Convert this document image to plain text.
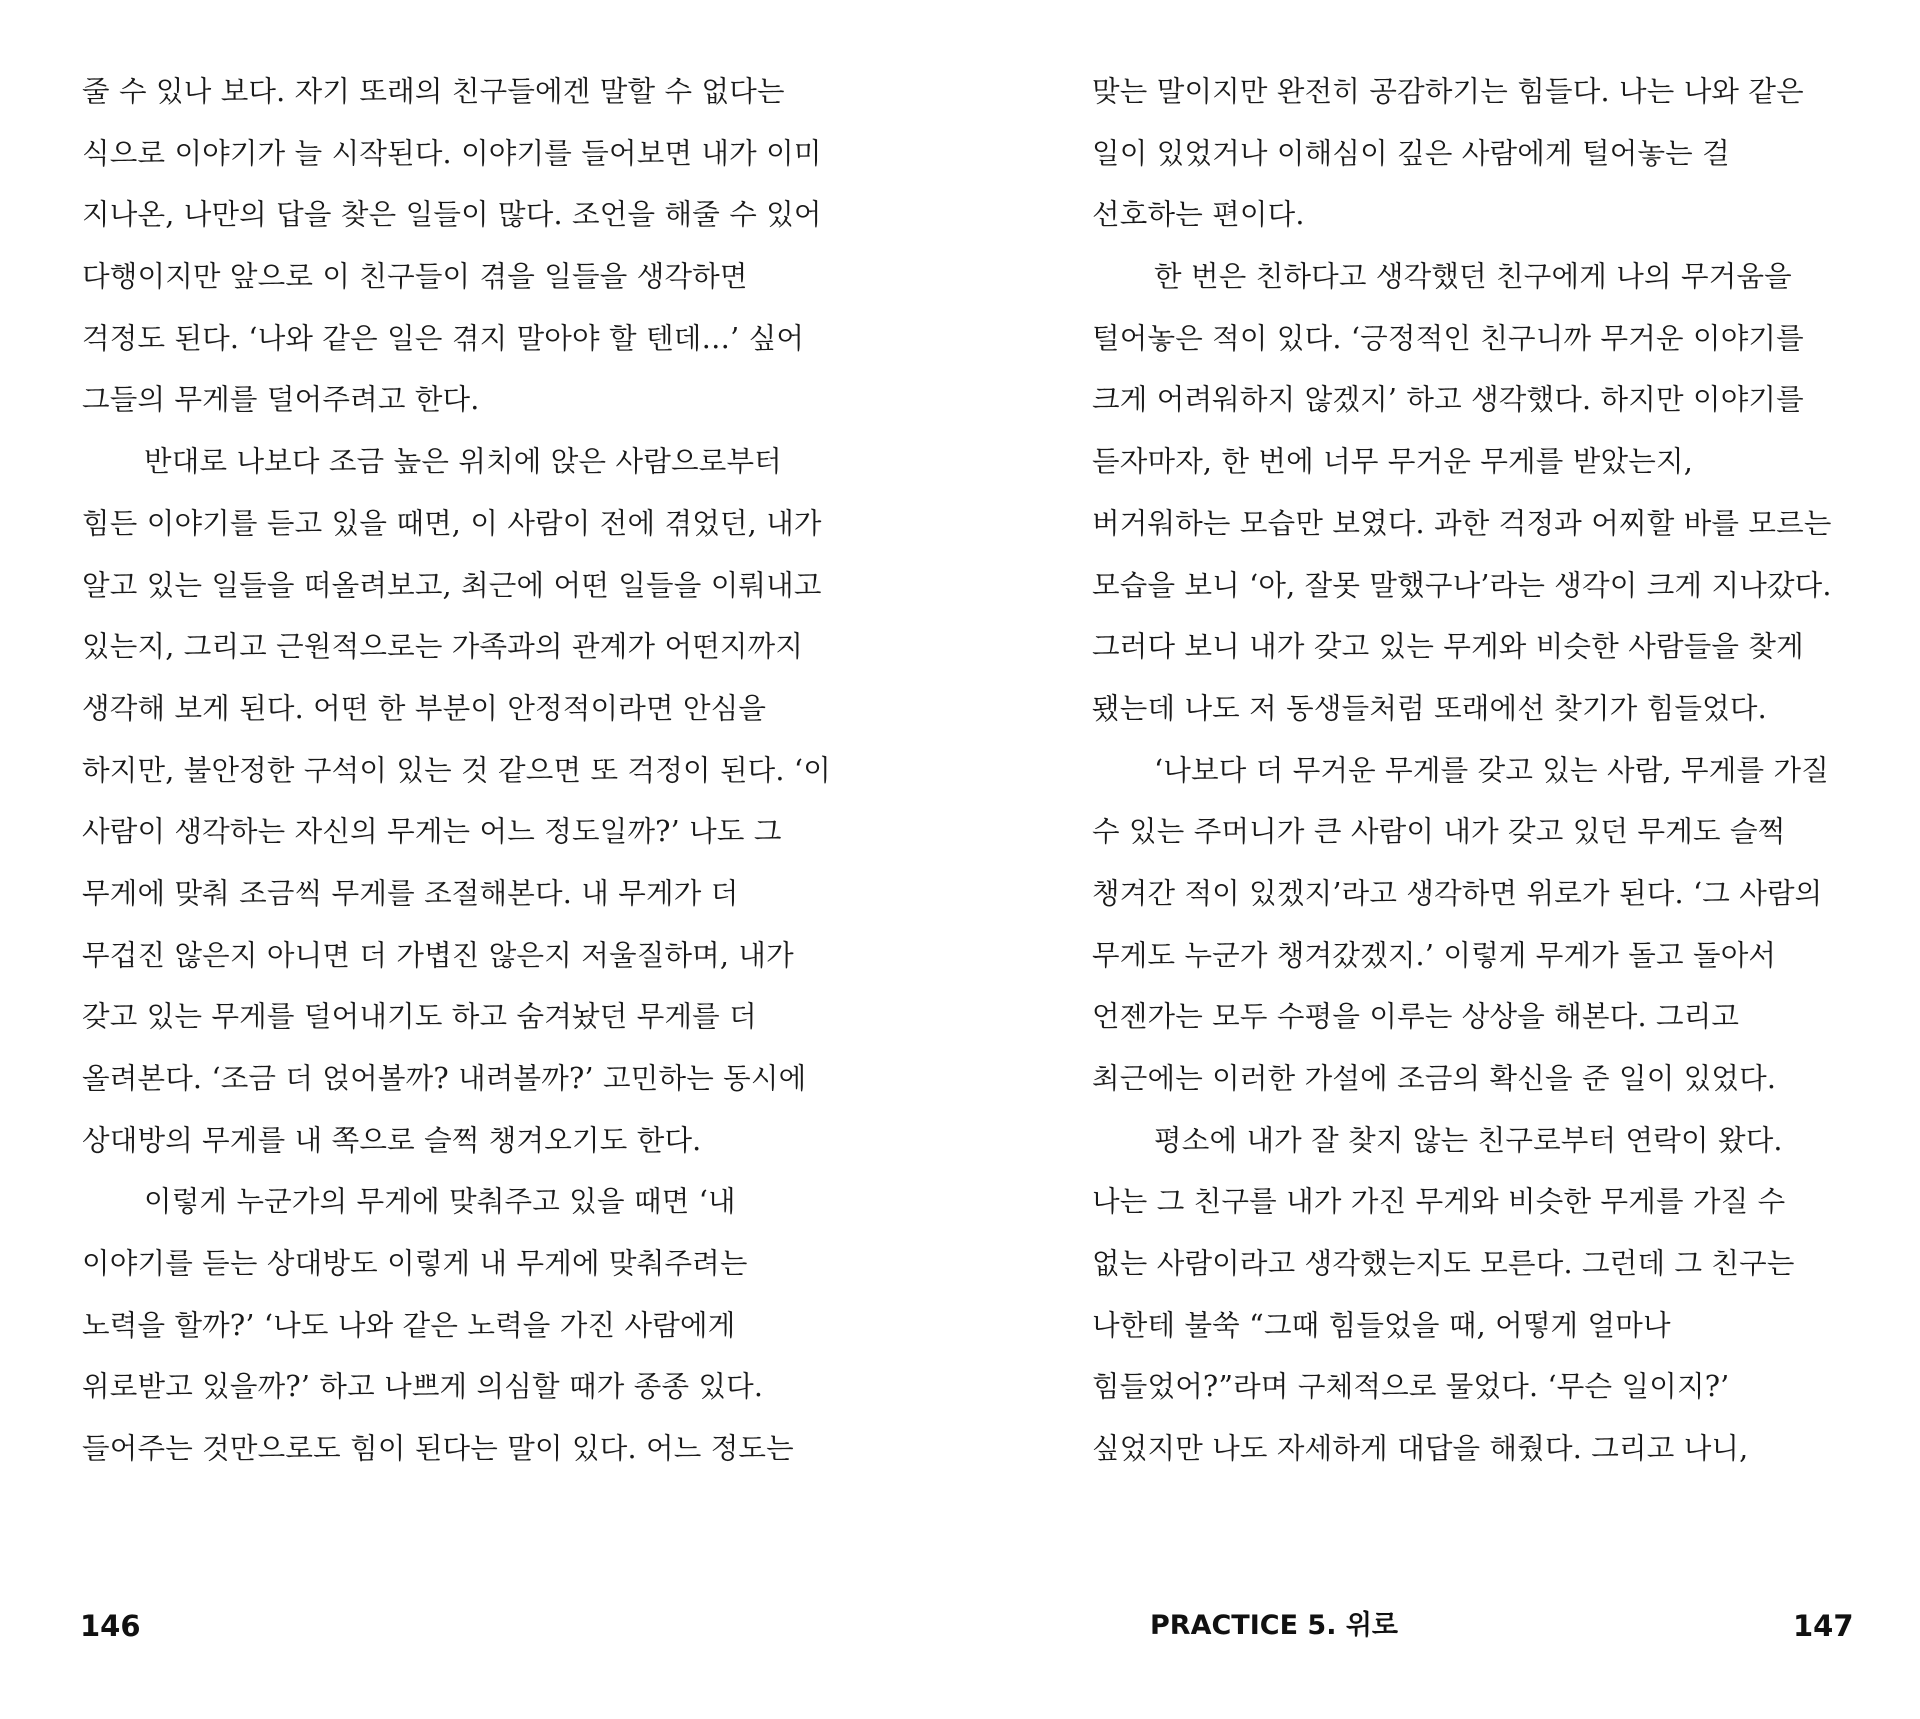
줄 수 있나 보다. 자기 또래의 친구들에겐 말할 수 없다는
식으로 이야기가 늘 시작된다. 이야기를 들어보면 내가 이미
지나온, 나만의 답을 찾은 일들이 많다. 조언을 해줄 수 있어
다행이지만 앞으로 이 친구들이 겪을 일들을 생각하면
걱정도 된다. ‘나와 같은 일은 겪지 말아야 할 텐데…’ 싶어
그들의 무게를 덜어주려고 한다.
반대로 나보다 조금 높은 위치에 앉은 사람으로부터
힘든 이야기를 듣고 있을 때면, 이 사람이 전에 겪었던, 내가
알고 있는 일들을 떠올려보고, 최근에 어떤 일들을 이뤄내고
있는지, 그리고 근원적으로는 가족과의 관계가 어떤지까지
생각해 보게 된다. 어떤 한 부분이 안정적이라면 안심을
하지만, 불안정한 구석이 있는 것 같으면 또 걱정이 된다. ‘이
사람이 생각하는 자신의 무게는 어느 정도일까?’ 나도 그
무게에 맞춰 조금씩 무게를 조절해본다. 내 무게가 더
무겁진 않은지 아니면 더 가볍진 않은지 저울질하며, 내가
갖고 있는 무게를 덜어내기도 하고 숨겨놨던 무게를 더
올려본다. ‘조금 더 얹어볼까? 내려볼까?’ 고민하는 동시에
상대방의 무게를 내 쪽으로 슬쩍 챙겨오기도 한다.
이렇게 누군가의 무게에 맞춰주고 있을 때면 ‘내
이야기를 듣는 상대방도 이렇게 내 무게에 맞춰주려는
노력을 할까?’ ‘나도 나와 같은 노력을 가진 사람에게
위로받고 있을까?’ 하고 나쁘게 의심할 때가 종종 있다.
들어주는 것만으로도 힘이 된다는 말이 있다. 어느 정도는
146
맞는 말이지만 완전히 공감하기는 힘들다. 나는 나와 같은
일이 있었거나 이해심이 깊은 사람에게 털어놓는 걸
선호하는 편이다.
한 번은 친하다고 생각했던 친구에게 나의 무거움을
털어놓은 적이 있다. ‘긍정적인 친구니까 무거운 이야기를
크게 어려워하지 않겠지’ 하고 생각했다. 하지만 이야기를
듣자마자, 한 번에 너무 무거운 무게를 받았는지,
버거워하는 모습만 보였다. 과한 걱정과 어찌할 바를 모르는
모습을 보니 ‘아, 잘못 말했구나’라는 생각이 크게 지나갔다.
그러다 보니 내가 갖고 있는 무게와 비슷한 사람들을 찾게
됐는데 나도 저 동생들처럼 또래에선 찾기가 힘들었다.
‘나보다 더 무거운 무게를 갖고 있는 사람, 무게를 가질
수 있는 주머니가 큰 사람이 내가 갖고 있던 무게도 슬쩍
챙겨간 적이 있겠지’라고 생각하면 위로가 된다. ‘그 사람의
무게도 누군가 챙겨갔겠지.’ 이렇게 무게가 돌고 돌아서
언젠가는 모두 수평을 이루는 상상을 해본다. 그리고
최근에는 이러한 가설에 조금의 확신을 준 일이 있었다.
평소에 내가 잘 찾지 않는 친구로부터 연락이 왔다.
나는 그 친구를 내가 가진 무게와 비슷한 무게를 가질 수
없는 사람이라고 생각했는지도 모른다. 그런데 그 친구는
나한테 불쑥 “그때 힘들었을 때, 어떻게 얼마나
힘들었어?”라며 구체적으로 물었다. ‘무슨 일이지?’
싶었지만 나도 자세하게 대답을 해줬다. 그리고 나니,
PRACTICE 5. 위로	147
